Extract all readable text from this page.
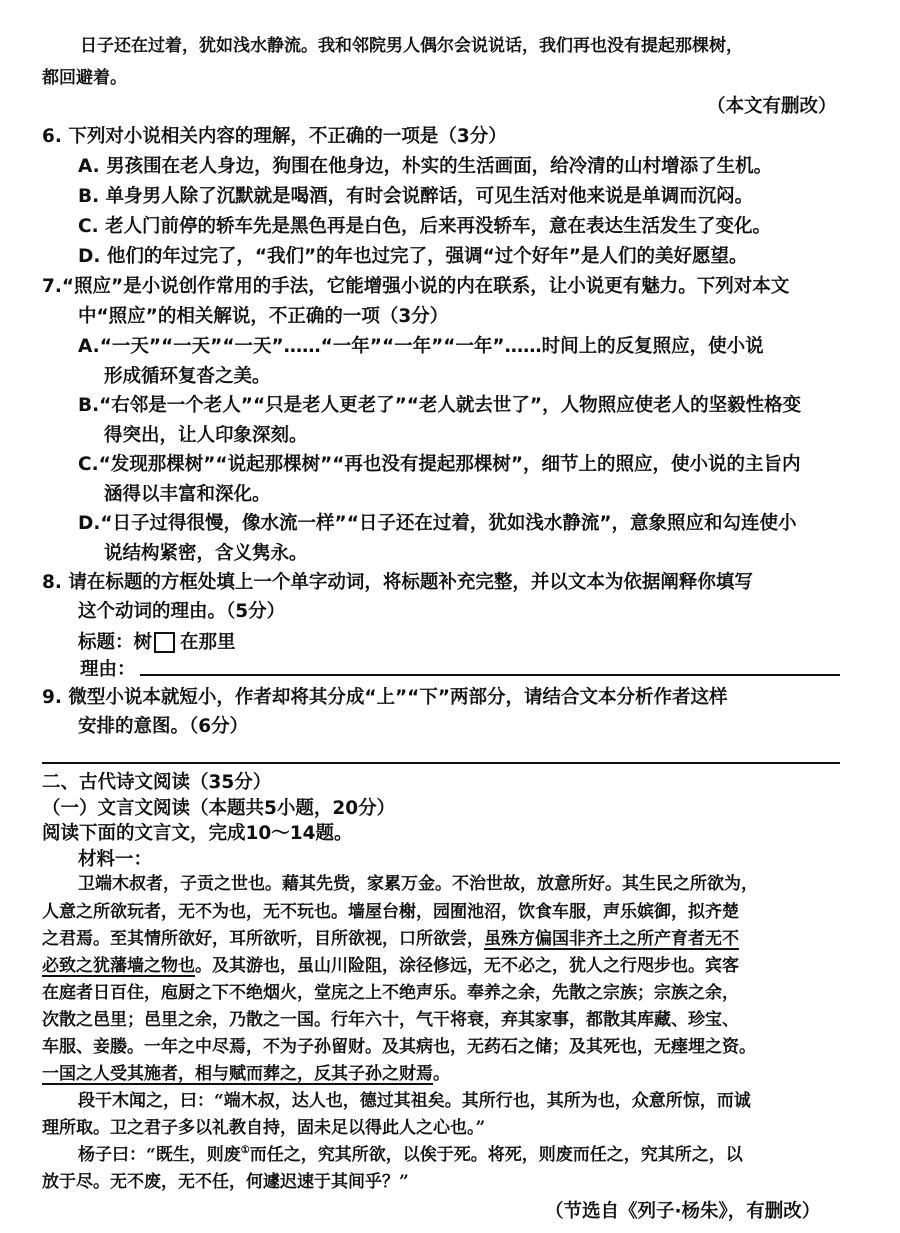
日子还在过着，犹如浅水静流。我和邻院男人偶尔会说说话，我们再也没有提起那棵树，
都回避着。
（本文有删改）
6. 下列对小说相关内容的理解，不正确的一项是（3分）
A. 男孩围在老人身边，狗围在他身边，朴实的生活画面，给冷清的山村增添了生机。
B. 单身男人除了沉默就是喝酒，有时会说醉话，可见生活对他来说是单调而沉闷。
C. 老人门前停的轿车先是黑色再是白色，后来再没轿车，意在表达生活发生了变化。
D. 他们的年过完了，“我们”的年也过完了，强调“过个好年”是人们的美好愿望。
7.“照应”是小说创作常用的手法，它能增强小说的内在联系，让小说更有魅力。下列对本文
中“照应”的相关解说，不正确的一项（3分）
A.“一天”“一天”“一天”……“一年”“一年”“一年”……时间上的反复照应，使小说
形成循环复沓之美。
B.“右邻是一个老人”“只是老人更老了”“老人就去世了”，人物照应使老人的坚毅性格变
得突出，让人印象深刻。
C.“发现那棵树”“说起那棵树”“再也没有提起那棵树”，细节上的照应，使小说的主旨内
涵得以丰富和深化。
D.“日子过得很慢，像水流一样”“日子还在过着，犹如浅水静流”，意象照应和勾连使小
说结构紧密，含义隽永。
8. 请在标题的方框处填上一个单字动词，将标题补充完整，并以文本为依据阐释你填写
这个动词的理由。（5分）
标题：树 在那里
理由：
9. 微型小说本就短小，作者却将其分成“上”“下”两部分，请结合文本分析作者这样
安排的意图。（6分）
二、古代诗文阅读（35分）
（一）文言文阅读（本题共5小题，20分）
阅读下面的文言文，完成10～14题。
材料一：
卫端木叔者，子贡之世也。藉其先赀，家累万金。不治世故，放意所好。其生民之所欲为，
人意之所欲玩者，无不为也，无不玩也。墙屋台榭，园囿池沼，饮食车服，声乐嫔御，拟齐楚
之君焉。至其情所欲好，耳所欲听，目所欲视，口所欲尝，虽殊方偏国非齐土之所产育者无不
必致之犹藩墙之物也。及其游也，虽山川险阻，涂径修远，无不必之，犹人之行咫步也。宾客
在庭者日百住，庖厨之下不绝烟火，堂庑之上不绝声乐。奉养之余，先散之宗族；宗族之余，
次散之邑里；邑里之余，乃散之一国。行年六十，气干将衰，弃其家事，都散其库藏、珍宝、
车服、妾媵。一年之中尽焉，不为子孙留财。及其病也，无药石之储；及其死也，无瘗埋之资。
一国之人受其施者，相与赋而葬之，反其子孙之财焉。
段干木闻之，曰：“端木叔，达人也，德过其祖矣。其所行也，其所为也，众意所惊，而诚
理所取。卫之君子多以礼教自持，固未足以得此人之心也。”
杨子曰：“既生，则废①而任之，究其所欲，以俟于死。将死，则废而任之，究其所之，以
放于尽。无不废，无不任，何遽迟速于其间乎？”
（节选自《列子·杨朱》，有删改）
